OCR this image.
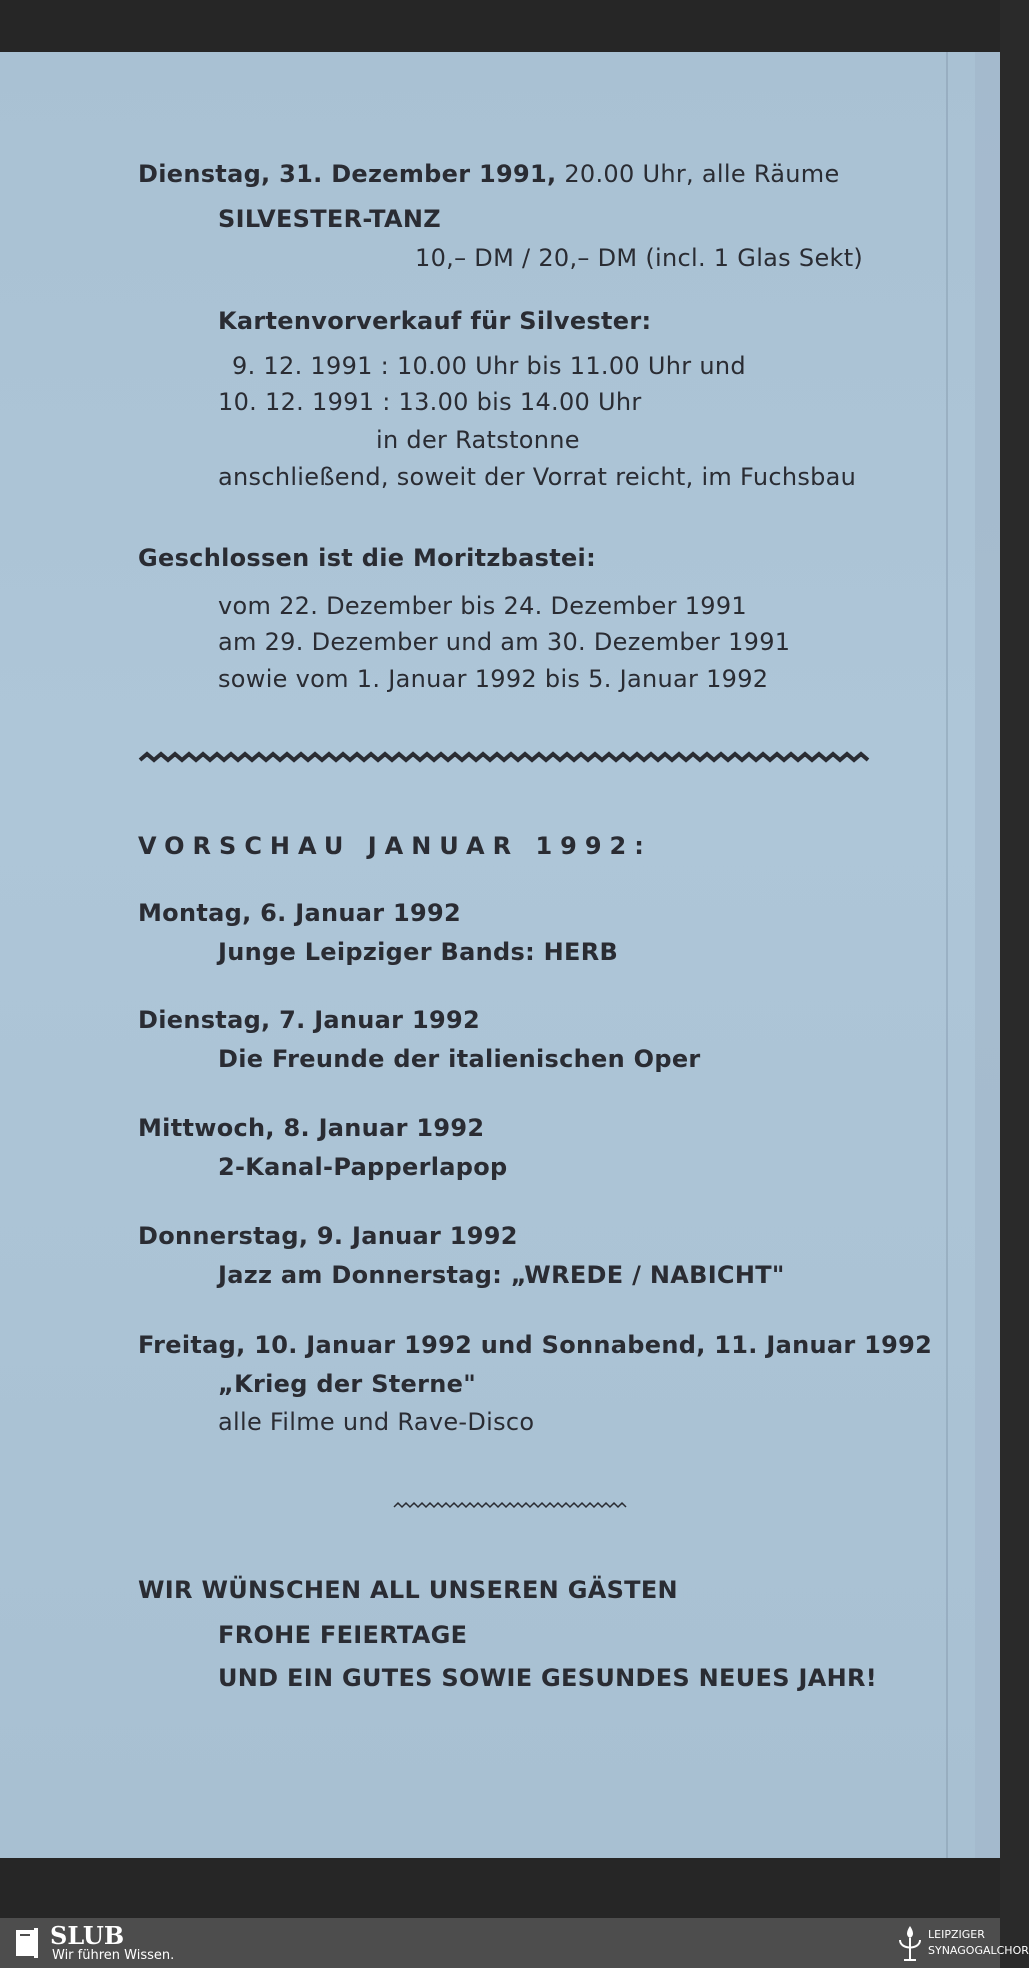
Dienstag, 31. Dezember 1991, 20.00 Uhr, alle Räume
SILVESTER-TANZ
10,– DM / 20,– DM (incl. 1 Glas Sekt)
Kartenvorverkauf für Silvester:
9. 12. 1991 : 10.00 Uhr bis 11.00 Uhr und
10. 12. 1991 : 13.00 bis 14.00 Uhr
in der Ratstonne
anschließend, soweit der Vorrat reicht, im Fuchsbau
Geschlossen ist die Moritzbastei:
vom 22. Dezember bis 24. Dezember 1991
am 29. Dezember und am 30. Dezember 1991
sowie vom 1. Januar 1992 bis 5. Januar 1992
VORSCHAU JANUAR 1992:
Montag, 6. Januar 1992
Junge Leipziger Bands: HERB
Dienstag, 7. Januar 1992
Die Freunde der italienischen Oper
Mittwoch, 8. Januar 1992
2-Kanal-Papperlapop
Donnerstag, 9. Januar 1992
Jazz am Donnerstag: „WREDE / NABICHT"
Freitag, 10. Januar 1992 und Sonnabend, 11. Januar 1992
„Krieg der Sterne"
alle Filme und Rave-Disco
WIR WÜNSCHEN ALL UNSEREN GÄSTEN
FROHE FEIERTAGE
UND EIN GUTES SOWIE GESUNDES NEUES JAHR!
SLUB
Wir führen Wissen.
LEIPZIGER
SYNAGOGALCHOR
